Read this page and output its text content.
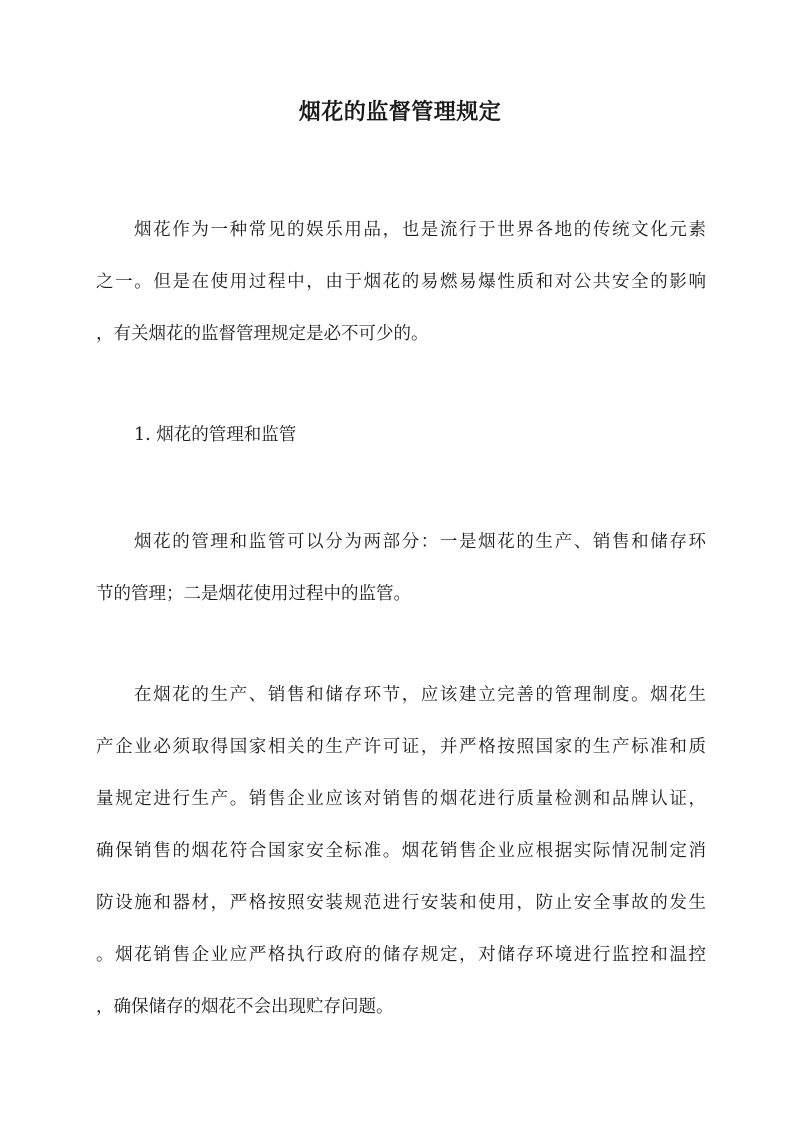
烟花的监督管理规定
烟花作为一种常见的娱乐用品，也是流行于世界各地的传统文化元素
之一。但是在使用过程中，由于烟花的易燃易爆性质和对公共安全的影响
，有关烟花的监督管理规定是必不可少的。
1. 烟花的管理和监管
烟花的管理和监管可以分为两部分：一是烟花的生产、销售和储存环
节的管理；二是烟花使用过程中的监管。
在烟花的生产、销售和储存环节，应该建立完善的管理制度。烟花生
产企业必须取得国家相关的生产许可证，并严格按照国家的生产标准和质
量规定进行生产。销售企业应该对销售的烟花进行质量检测和品牌认证，
确保销售的烟花符合国家安全标准。烟花销售企业应根据实际情况制定消
防设施和器材，严格按照安装规范进行安装和使用，防止安全事故的发生
。烟花销售企业应严格执行政府的储存规定，对储存环境进行监控和温控
，确保储存的烟花不会出现贮存问题。
